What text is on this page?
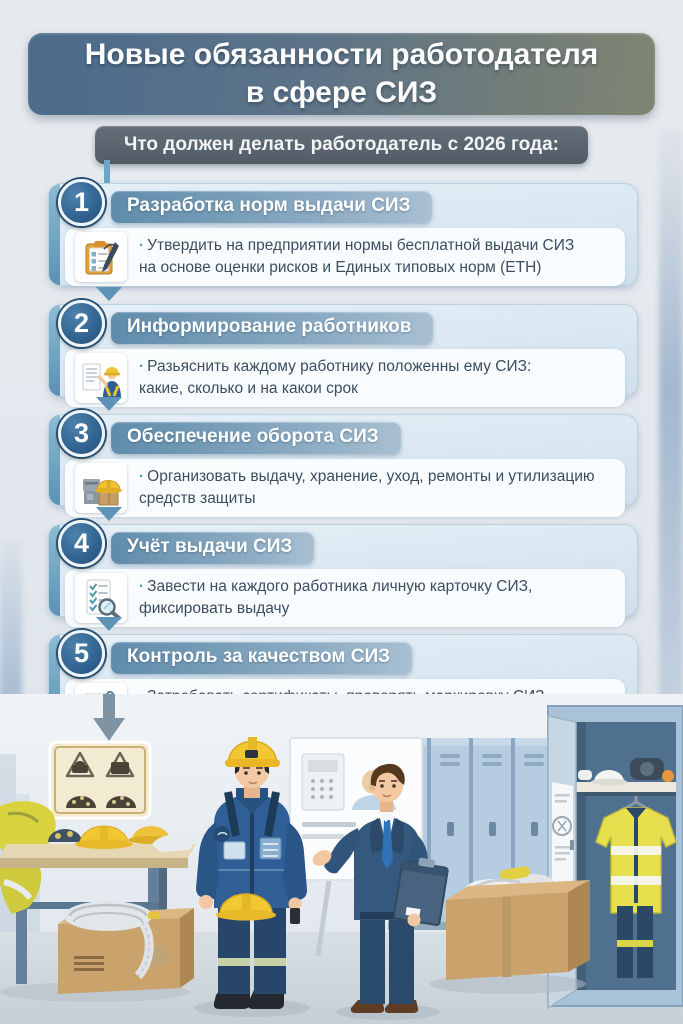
Новые обязанности работодателя
в сфере СИЗ
Что должен делать работодатель с 2026 года:
1	Разработка норм выдачи СИЗ
· Утвердить на предприятии нормы бесплатной выдачи СИЗ
на основе оценки рисков и Единых типовых норм (ЕТН)
2	Информирование работников
· Разьяснить каждому работнику положенны ему СИЗ:
какие, сколько и на какои срок
3	Обеспечение оборота СИЗ
· Организовать выдачу, хранение, уход, ремонты и утилизацию
средств защиты
4	Учёт выдачи СИЗ
· Завести на каждого работника личную карточку СИЗ,
фиксировать выдачу
5	Контроль за качеством СИЗ
·
